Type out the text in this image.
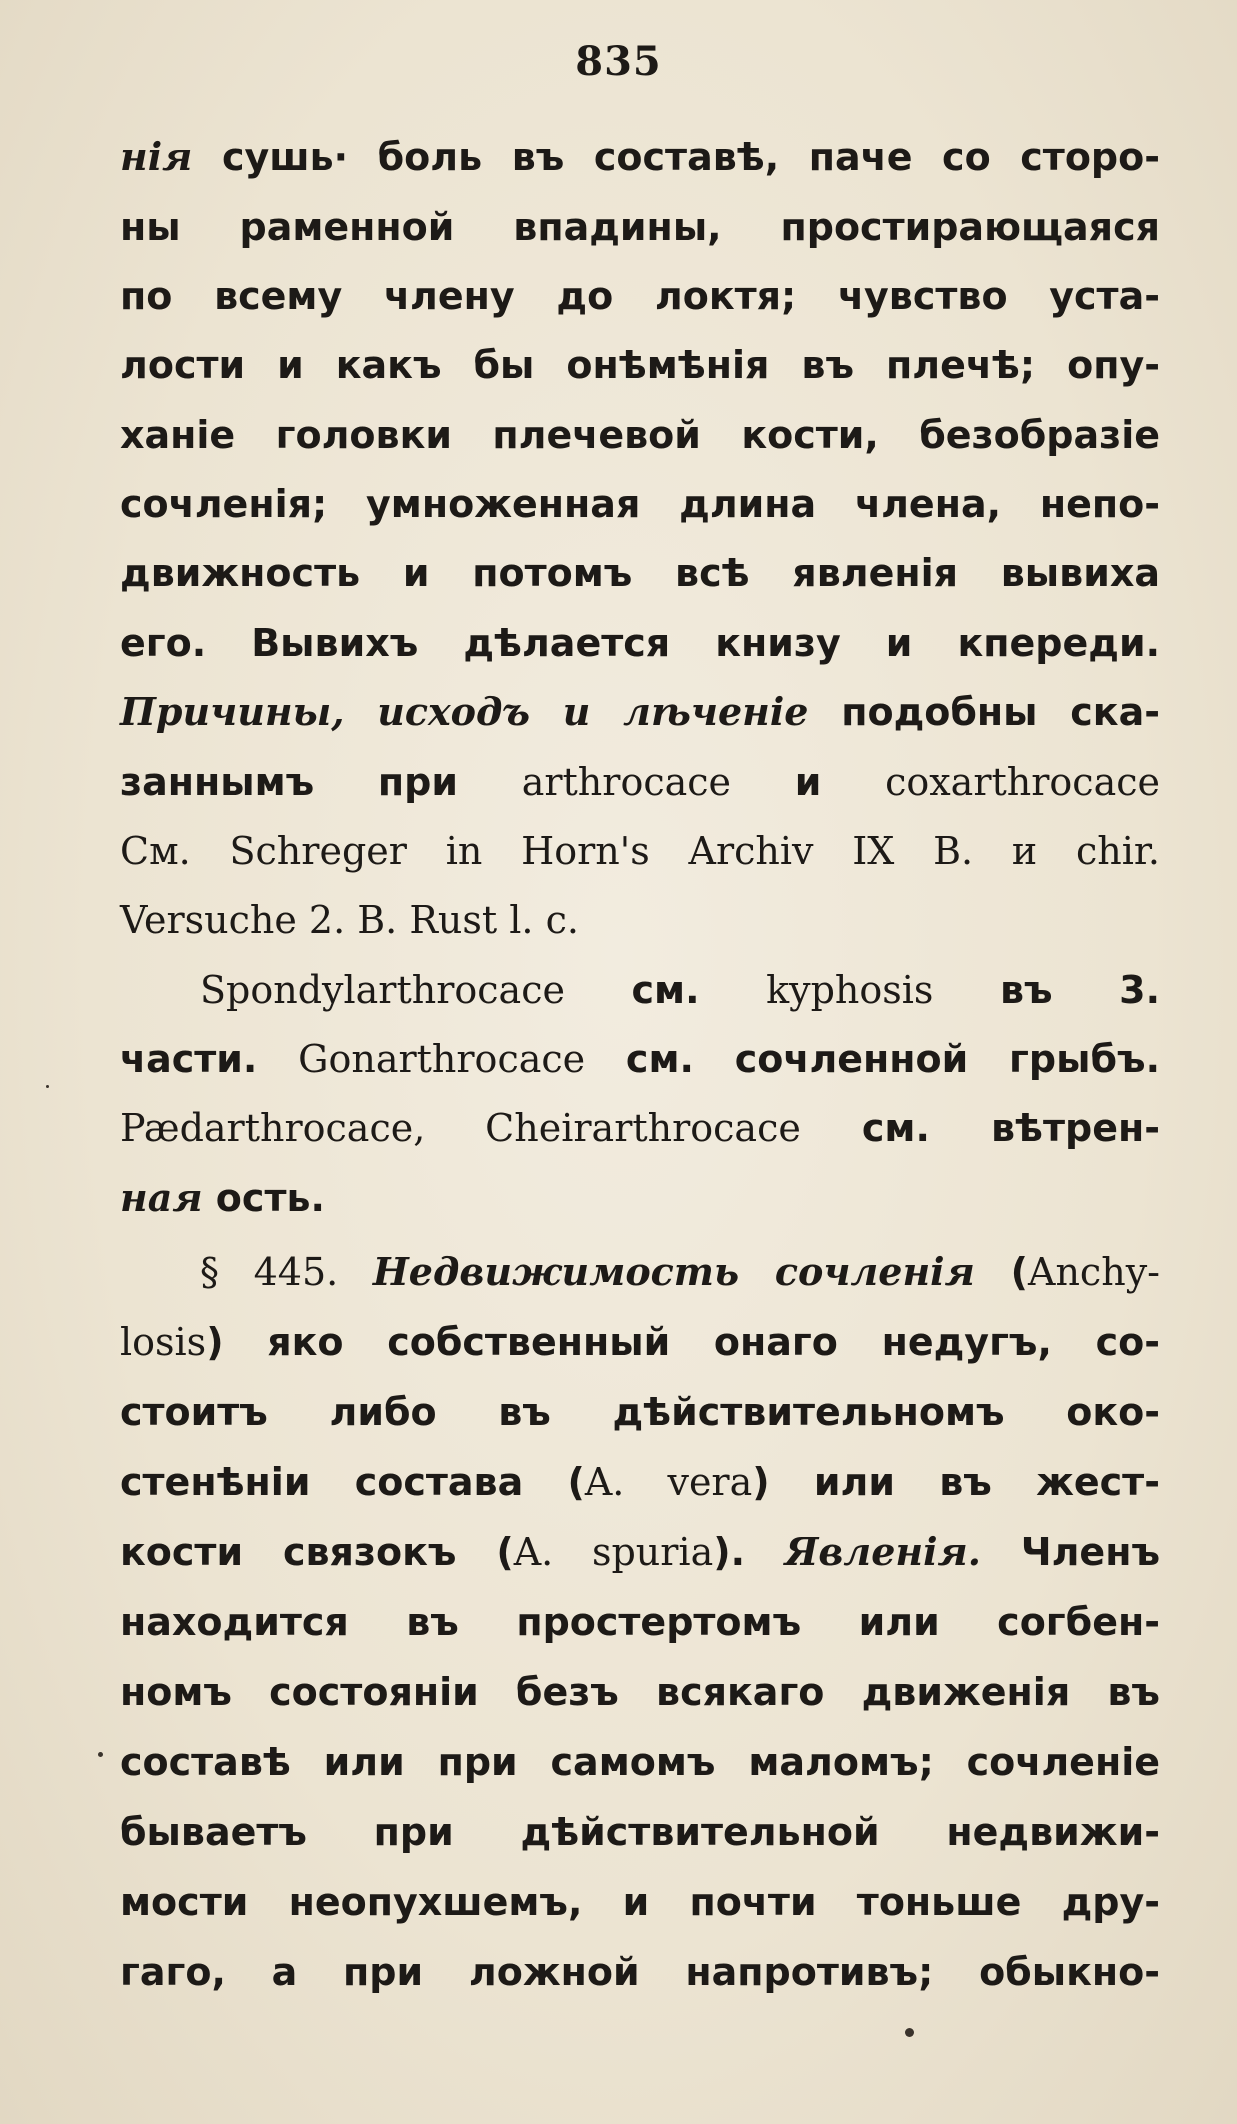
835
нія сушь· боль въ составѣ, паче со сторо-
ны раменной впадины, простирающаяся
по всему члену до локтя; чувство уста-
лости и какъ бы онѣмѣнія въ плечѣ; опу-
ханіе головки плечевой кости, безобразіе
сочленія; умноженная длина члена, непо-
движность и потомъ всѣ явленія вывиха
его. Вывихъ дѣлается книзу и кпереди.
Причины, исходъ и лѣченіе подобны ска-
заннымъ при arthrocace и coxarthrocace
См. Schreger in Horn's Archiv IX B. и chir.
Versuche 2. B. Rust l. c.
Spondylarthrocace см. kyphosis въ 3.
части. Gonarthrocace см. сочленной грыбъ.
Pædarthrocace, Cheirarthrocace см. вѣтрен-
ная ость.
§ 445. Недвижимость сочленія (Anchy-
losis) яко собственный онаго недугъ, со-
стоитъ либо въ дѣйствительномъ око-
стенѣніи состава (A. vera) или въ жест-
кости связокъ (A. spuria). Явленія. Членъ
находится въ простертомъ или согбен-
номъ состояніи безъ всякаго движенія въ
составѣ или при самомъ маломъ; сочленіе
бываетъ при дѣйствительной недвижи-
мости неопухшемъ, и почти тоньше дру-
гаго, а при ложной напротивъ; обыкно-
